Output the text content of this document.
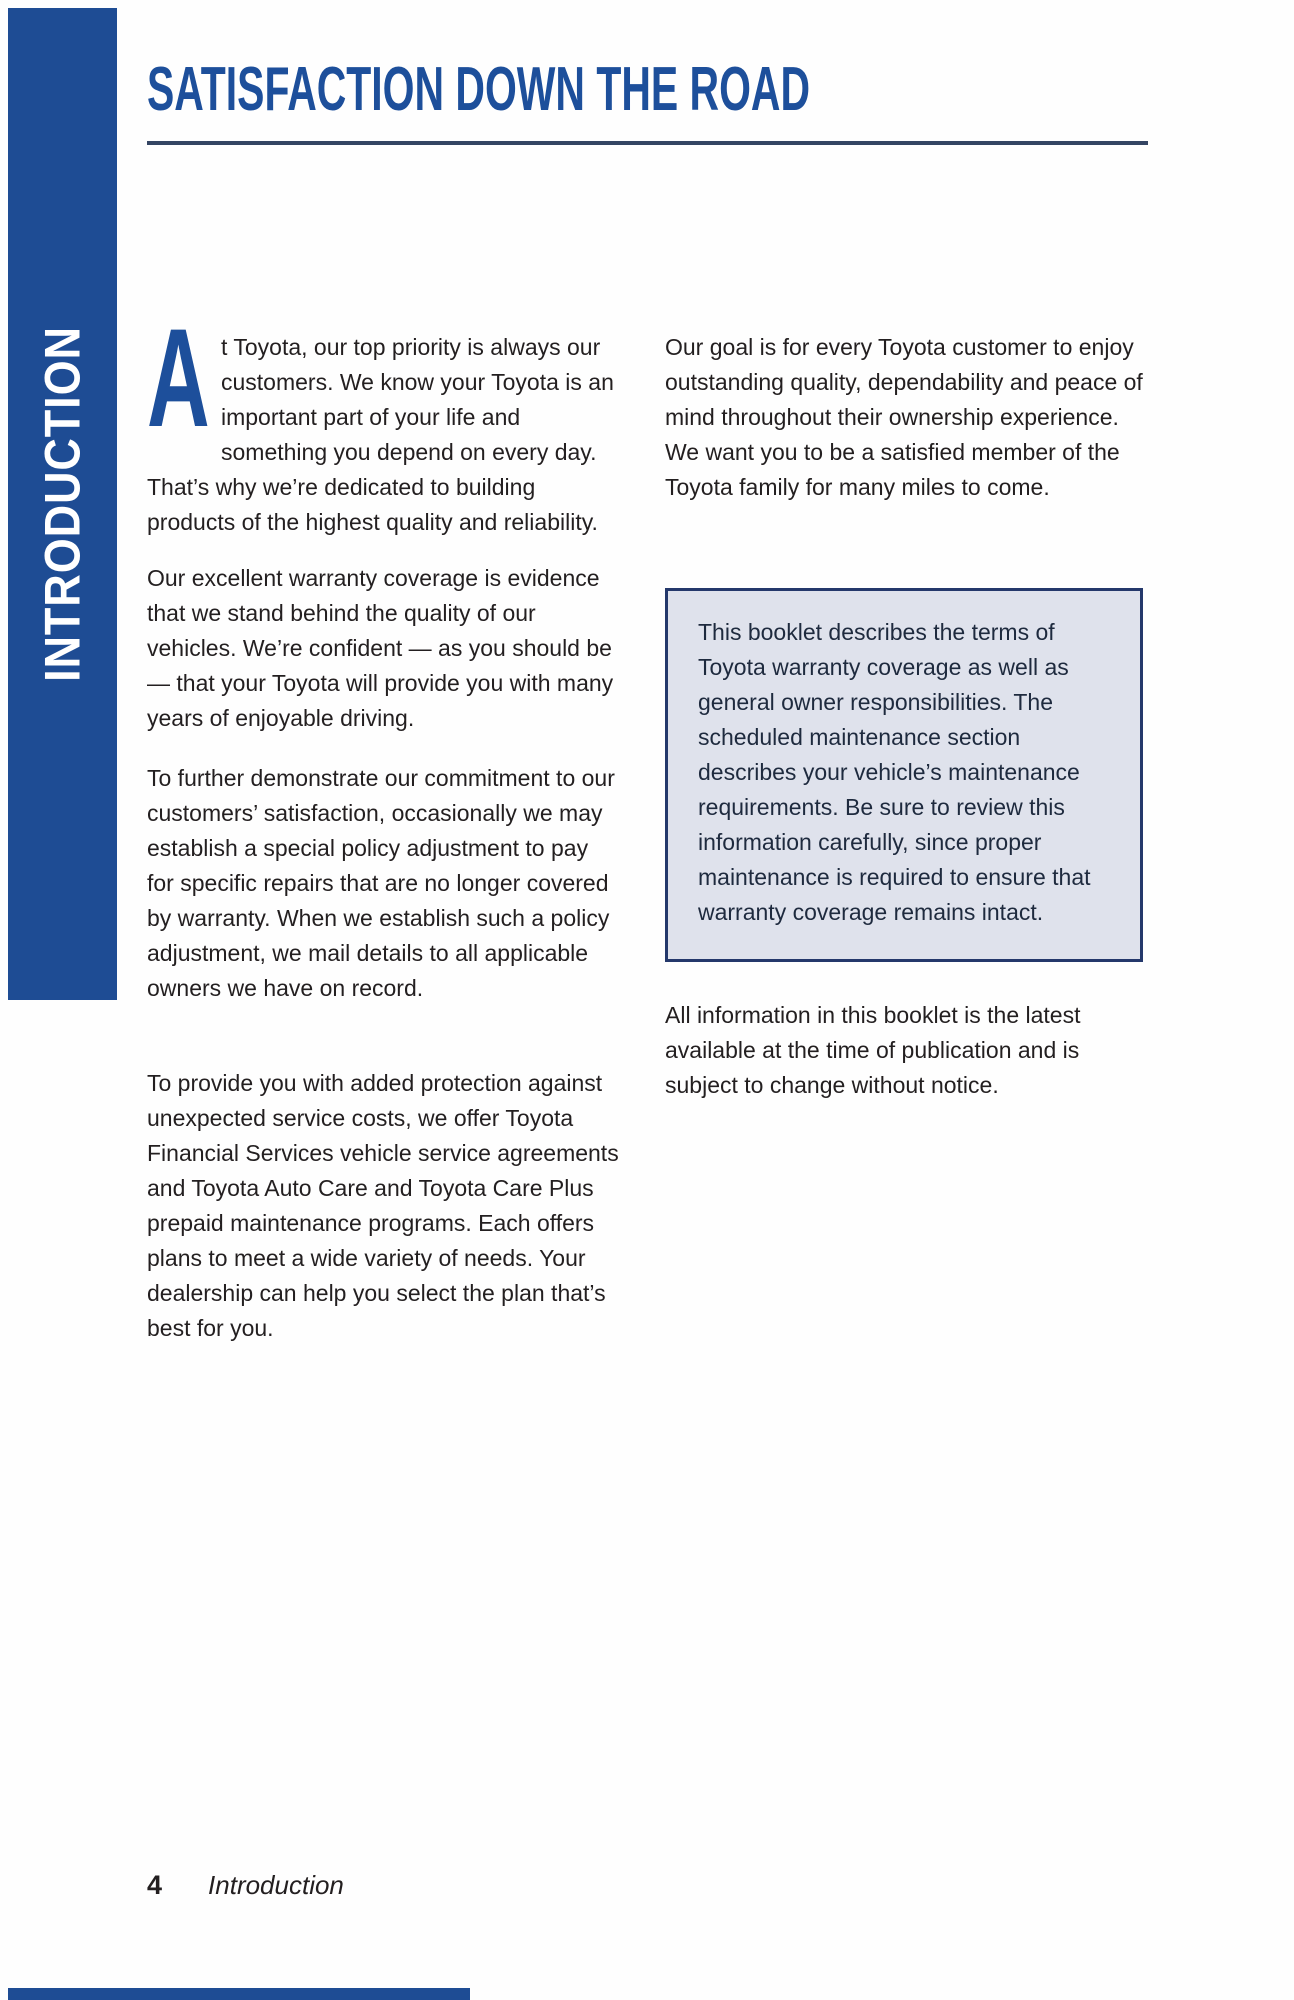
INTRODUCTION
SATISFACTION DOWN THE ROAD

At Toyota, our top priority is always our customers. We know your Toyota is an important part of your life and something you depend on every day. That’s why we’re dedicated to building products of the highest quality and reliability.

Our excellent warranty coverage is evidence that we stand behind the quality of our vehicles. We’re confident — as you should be — that your Toyota will provide you with many years of enjoyable driving.

To further demonstrate our commitment to our customers’ satisfaction, occasionally we may establish a special policy adjustment to pay for specific repairs that are no longer covered by warranty. When we establish such a policy adjustment, we mail details to all applicable owners we have on record.

To provide you with added protection against unexpected service costs, we offer Toyota Financial Services vehicle service agreements and Toyota Auto Care and Toyota Care Plus prepaid maintenance programs. Each offers plans to meet a wide variety of needs. Your dealership can help you select the plan that’s best for you.

Our goal is for every Toyota customer to enjoy outstanding quality, dependability and peace of mind throughout their ownership experience. We want you to be a satisfied member of the Toyota family for many miles to come.

This booklet describes the terms of Toyota warranty coverage as well as general owner responsibilities. The scheduled maintenance section describes your vehicle’s maintenance requirements. Be sure to review this information carefully, since proper maintenance is required to ensure that warranty coverage remains intact.

All information in this booklet is the latest available at the time of publication and is subject to change without notice.

4 Introduction
